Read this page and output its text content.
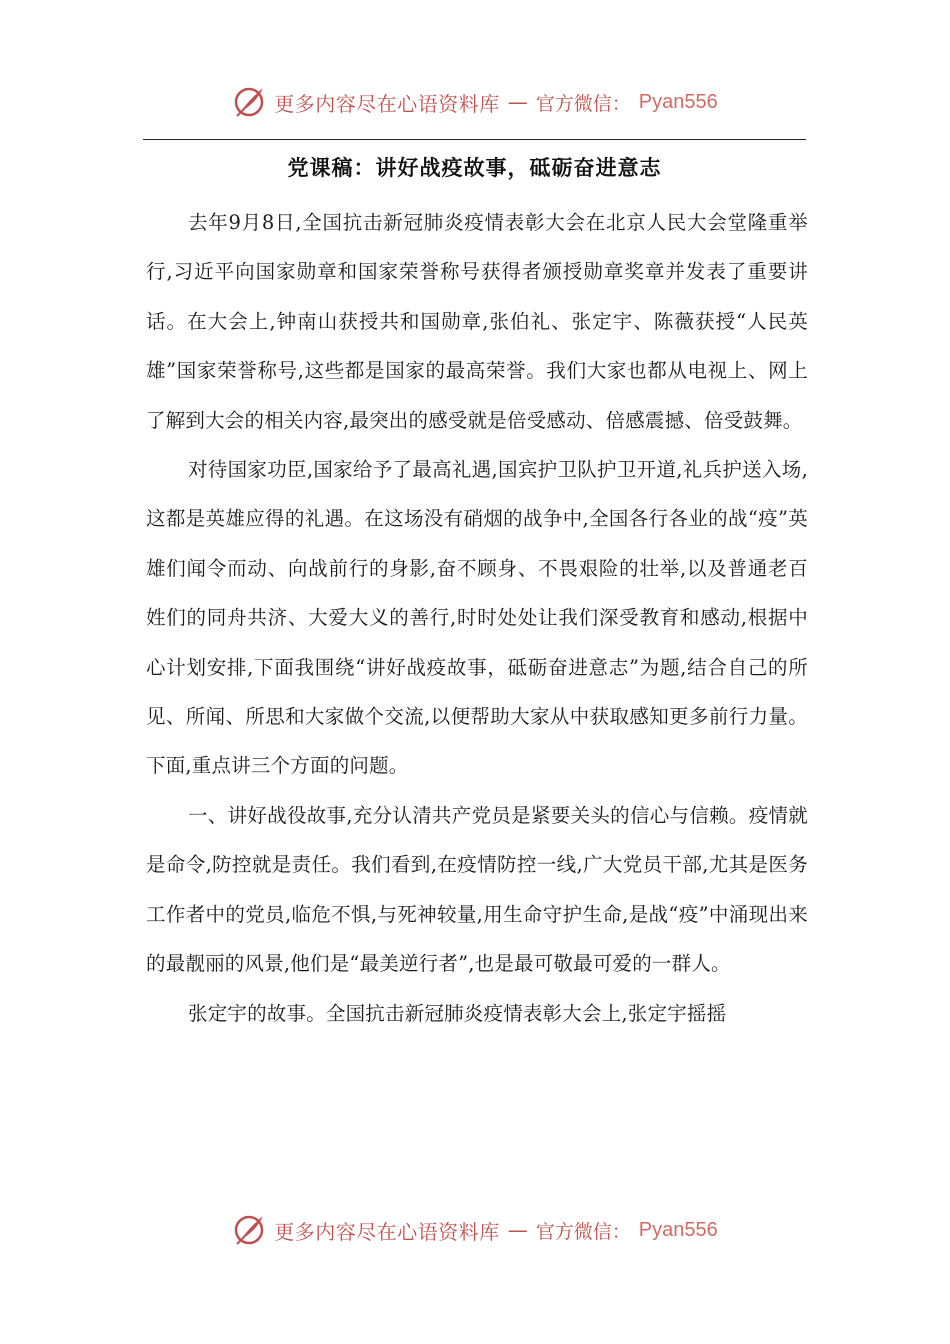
更多内容尽在心语资料库 — 官方微信： Pyan556
党课稿：讲好战疫故事，砥砺奋进意志

去年9月8日,全国抗击新冠肺炎疫情表彰大会在北京人民大会堂隆重举行,习近平向国家勋章和国家荣誉称号获得者颁授勋章奖章并发表了重要讲话。在大会上,钟南山获授共和国勋章,张伯礼、张定宇、陈薇获授“人民英雄”国家荣誉称号,这些都是国家的最高荣誉。我们大家也都从电视上、网上了解到大会的相关内容,最突出的感受就是倍受感动、倍感震撼、倍受鼓舞。

对待国家功臣,国家给予了最高礼遇,国宾护卫队护卫开道,礼兵护送入场,这都是英雄应得的礼遇。在这场没有硝烟的战争中,全国各行各业的战“疫”英雄们闻令而动、向战前行的身影,奋不顾身、不畏艰险的壮举,以及普通老百姓们的同舟共济、大爱大义的善行,时时处处让我们深受教育和感动,根据中心计划安排,下面我围绕“讲好战疫故事，砥砺奋进意志”为题,结合自己的所见、所闻、所思和大家做个交流,以便帮助大家从中获取感知更多前行力量。下面,重点讲三个方面的问题。

一、讲好战役故事,充分认清共产党员是紧要关头的信心与信赖。疫情就是命令,防控就是责任。我们看到,在疫情防控一线,广大党员干部,尤其是医务工作者中的党员,临危不惧,与死神较量,用生命守护生命,是战“疫”中涌现出来的最靓丽的风景,他们是“最美逆行者”,也是最可敬最可爱的一群人。

张定宇的故事。全国抗击新冠肺炎疫情表彰大会上,张定宇摇摇

更多内容尽在心语资料库 — 官方微信： Pyan556
